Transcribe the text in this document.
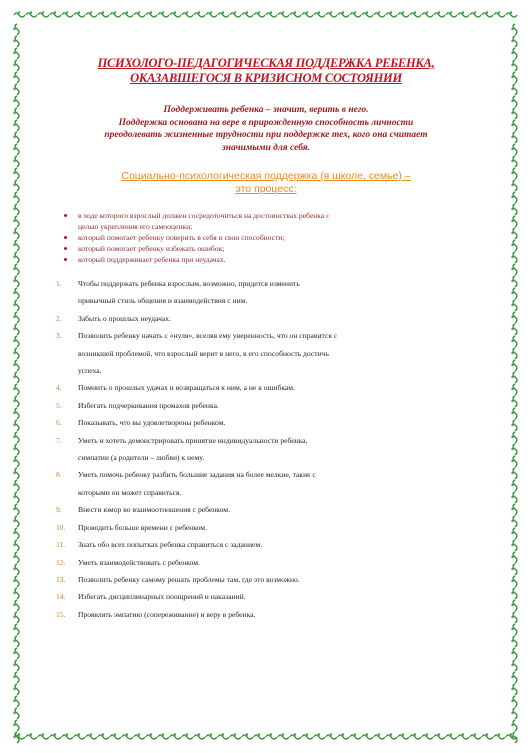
ПСИХОЛОГО-ПЕДАГОГИЧЕСКАЯ ПОДДЕРЖКА РЕБЕНКА,
ОКАЗАВШЕГОСЯ В КРИЗИСНОМ СОСТОЯНИИ

Поддерживать ребенка – значит, верить в него.
Поддержка основана на вере в прирожденную способность личности
преодолевать жизненные трудности при поддержке тех, кого она считает
значимыми для себя.

Социально-психологическая поддержка (в школе, семье) –
это процесс:

в ходе которого взрослый должен сосредоточиться на достоинствах ребенка с
целью укрепления его самооценки;
который помогает ребенку поверить в себя и свои способности;
который помогает ребенку избежать ошибок;
который поддерживает ребенка при неудачах.
1.	Чтобы поддержать ребенка взрослым, возможно, придется изменить
привычный стиль общения и взаимодействия с ним.
2.	Забыть о прошлых неудачах.
3.	Позволить ребенку начать с «нуля», вселяя ему уверенность, что он справится с
возникшей проблемой, что взрослый верит в него, в его способность достичь
успеха.
4.	Помнить о прошлых удачах и возвращаться к ним, а не к ошибкам.
5.	Избегать подчеркивания промахов ребенка.
6.	Показывать, что вы удовлетворены ребенком.
7.	Уметь и хотеть демонстрировать принятие индивидуальности ребенка,
симпатии (а родители – любви) к нему.
8.	Уметь помочь ребенку разбить большие задания на более мелкие, такие с
которыми он может справиться.
9.	Внести юмор во взаимоотношения с ребенком.
10.	Проводить больше времени с ребенком.
11.	Знать обо всех попытках ребенка справиться с заданием.
12.	Уметь взаимодействовать с ребенком.
13.	Позволить ребенку самому решать проблемы там, где это возможно.
14.	Избегать дисциплинарных поощрений и наказаний.
15.	Проявлять эмпатию (сопереживание) и веру в ребенка.
